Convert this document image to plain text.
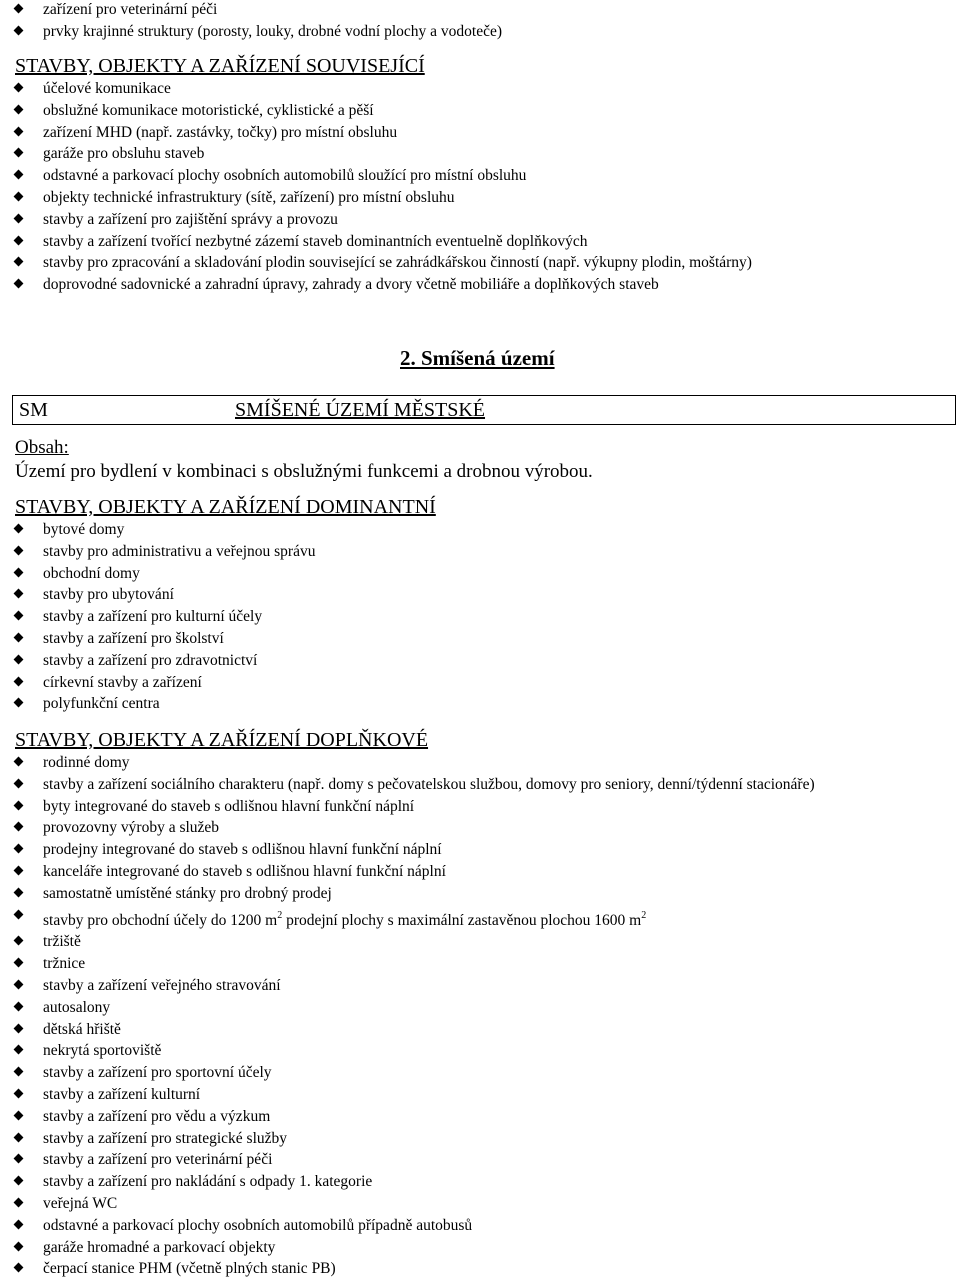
zařízení pro veterinární péči
prvky krajinné struktury (porosty, louky, drobné vodní plochy a vodoteče)
STAVBY, OBJEKTY A ZAŘÍZENÍ SOUVISEJÍCÍ
účelové komunikace
obslužné komunikace motoristické, cyklistické a pěší
zařízení MHD (např. zastávky, točky) pro místní obsluhu
garáže pro obsluhu staveb
odstavné a parkovací plochy osobních automobilů sloužící pro místní obsluhu
objekty technické infrastruktury (sítě, zařízení) pro místní obsluhu
stavby a zařízení pro zajištění správy a provozu
stavby a zařízení tvořící nezbytné zázemí staveb dominantních eventuelně doplňkových
stavby pro zpracování a skladování plodin související se zahrádkářskou činností (např. výkupny plodin, moštárny)
doprovodné sadovnické a zahradní úpravy, zahrady a dvory včetně mobiliáře a doplňkových staveb
2. Smíšená území
SM	SMÍŠENÉ ÚZEMÍ MĚSTSKÉ
Obsah:
Území pro bydlení v kombinaci s obslužnými funkcemi a drobnou výrobou.
STAVBY, OBJEKTY A ZAŘÍZENÍ DOMINANTNÍ
bytové domy
stavby pro administrativu a veřejnou správu
obchodní domy
stavby pro ubytování
stavby a zařízení pro kulturní účely
stavby a zařízení pro školství
stavby a zařízení pro zdravotnictví
církevní stavby a zařízení
polyfunkční centra
STAVBY, OBJEKTY A ZAŘÍZENÍ DOPLŇKOVÉ
rodinné domy
stavby a zařízení sociálního charakteru (např. domy s pečovatelskou službou, domovy pro seniory, denní/týdenní stacionáře)
byty integrované do staveb s odlišnou hlavní funkční náplní
provozovny výroby a služeb
prodejny integrované do staveb s odlišnou hlavní funkční náplní
kanceláře integrované do staveb s odlišnou hlavní funkční náplní
samostatně umístěné stánky pro drobný prodej
stavby pro obchodní účely do 1200 $m^2$ prodejní plochy s maximální zastavěnou plochou 1600 $m^2$
tržiště
tržnice
stavby a zařízení veřejného stravování
autosalony
dětská hřiště
nekrytá sportoviště
stavby a zařízení pro sportovní účely
stavby a zařízení kulturní
stavby a zařízení pro vědu a výzkum
stavby a zařízení pro strategické služby
stavby a zařízení pro veterinární péči
stavby a zařízení pro nakládání s odpady 1. kategorie
veřejná WC
odstavné a parkovací plochy osobních automobilů případně autobusů
garáže hromadné a parkovací objekty
čerpací stanice PHM (včetně plných stanic PB)
